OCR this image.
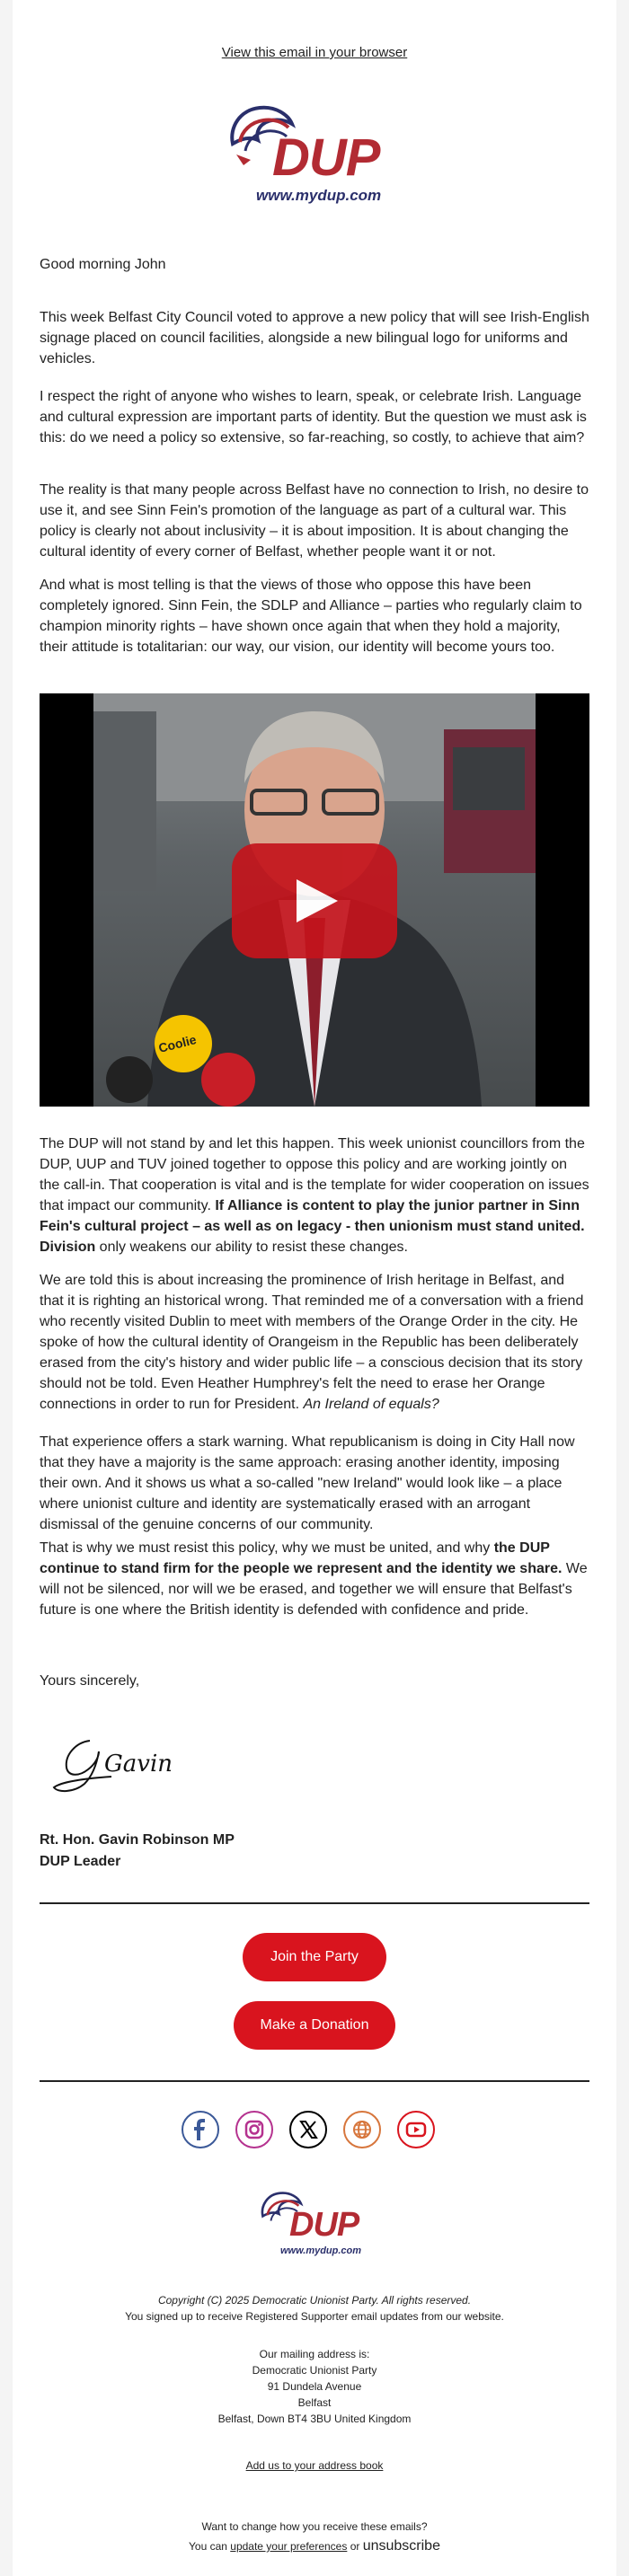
View this email in your browser
DUP
www.mydup.com
Good morning John

This week Belfast City Council voted to approve a new policy that will see Irish-English signage placed on council facilities, alongside a new bilingual logo for uniforms and vehicles.

I respect the right of anyone who wishes to learn, speak, or celebrate Irish. Language and cultural expression are important parts of identity. But the question we must ask is this: do we need a policy so extensive, so far-reaching, so costly, to achieve that aim?

The reality is that many people across Belfast have no connection to Irish, no desire to use it, and see Sinn Fein's promotion of the language as part of a cultural war. This policy is clearly not about inclusivity – it is about imposition. It is about changing the cultural identity of every corner of Belfast, whether people want it or not.

And what is most telling is that the views of those who oppose this have been completely ignored. Sinn Fein, the SDLP and Alliance – parties who regularly claim to champion minority rights – have shown once again that when they hold a majority, their attitude is totalitarian: our way, our vision, our identity will become yours too.

Coolie

The DUP will not stand by and let this happen. This week unionist councillors from the DUP, UUP and TUV joined together to oppose this policy and are working jointly on the call-in. That cooperation is vital and is the template for wider cooperation on issues that impact our community. If Alliance is content to play the junior partner in Sinn Fein's cultural project – as well as on legacy - then unionism must stand united. Division only weakens our ability to resist these changes.

We are told this is about increasing the prominence of Irish heritage in Belfast, and that it is righting an historical wrong. That reminded me of a conversation with a friend who recently visited Dublin to meet with members of the Orange Order in the city. He spoke of how the cultural identity of Orangeism in the Republic has been deliberately erased from the city's history and wider public life – a conscious decision that its story should not be told. Even Heather Humphrey's felt the need to erase her Orange connections in order to run for President. An Ireland of equals?

That experience offers a stark warning. What republicanism is doing in City Hall now that they have a majority is the same approach: erasing another identity, imposing their own. And it shows us what a so-called "new Ireland" would look like – a place where unionist culture and identity are systematically erased with an arrogant dismissal of the genuine concerns of our community.

That is why we must resist this policy, why we must be united, and why the DUP continue to stand firm for the people we represent and the identity we share. We will not be silenced, nor will we be erased, and together we will ensure that Belfast's future is one where the British identity is defended with confidence and pride.

Yours sincerely,

Gavin
Rt. Hon. Gavin Robinson MP
DUP Leader
Join the Party
Make a Donation
DUP
www.mydup.com
Copyright (C) 2025 Democratic Unionist Party. All rights reserved.
You signed up to receive Registered Supporter email updates from our website.
Our mailing address is:
Democratic Unionist Party
91 Dundela Avenue
Belfast
Belfast, Down BT4 3BU United Kingdom
Add us to your address book
Want to change how you receive these emails?
You can update your preferences or unsubscribe
